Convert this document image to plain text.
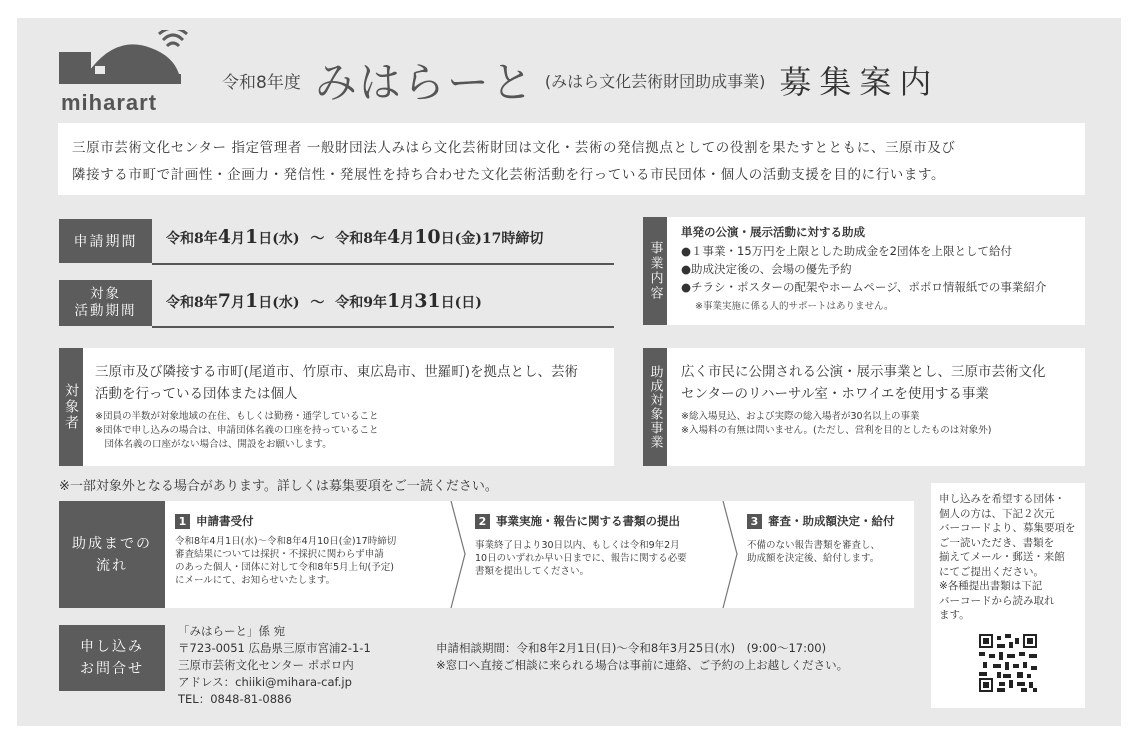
miharart
令和8年度 みはらーと (みはら文化芸術財団助成事業) 募集案内
三原市芸術文化センター 指定管理者 一般財団法人みはら文化芸術財団は文化・芸術の発信拠点としての役割を果たすとともに、三原市及び
隣接する市町で計画性・企画力・発信性・発展性を持ち合わせた文化芸術活動を行っている市民団体・個人の活動支援を目的に行います。
申請期間	令和8年4月1日(水) ～ 令和8年4月10日(金)17時締切
対象
活動期間 令和8年7月1日(水) ～ 令和9年1月31日(日)
事業内容
単発の公演・展示活動に対する助成
●１事業・15万円を上限とした助成金を2団体を上限として給付
●助成決定後の、会場の優先予約
●チラシ・ポスターの配架やホームページ、ポポロ情報紙での事業紹介
※事業実施に係る人的サポートはありません。
対象者
三原市及び隣接する市町(尾道市、竹原市、東広島市、世羅町)を拠点とし、芸術
活動を行っている団体または個人
※団員の半数が対象地域の在住、もしくは勤務・通学していること
※団体で申し込みの場合は、申請団体名義の口座を持っていること
　団体名義の口座がない場合は、開設をお願いします。	助成対象事業 広く市民に公開される公演・展示事業とし、三原市芸術文化
センターのリハーサル室・ホワイエを使用する事業
※総入場見込、および実際の総入場者が30名以上の事業
※入場料の有無は問いません。(ただし、営利を目的としたものは対象外)
※一部対象外となる場合があります。詳しくは募集要項をご一読ください。
助成までの
流れ
1 申請書受付
令和8年4月1日(水)～令和8年4月10日(金)17時締切
審査結果については採択・不採択に関わらず申請
のあった個人・団体に対して令和8年5月上旬(予定)
にメールにて、お知らせいたします。
2 事業実施・報告に関する書類の提出
事業終了日より30日以内、もしくは令和9年2月
10日のいずれか早い日までに、報告に関する必要
書類を提出してください。
3 審査・助成額決定・給付
不備のない報告書類を審査し、
助成額を決定後、給付します。
申し込み
お問合せ
「みはらーと」係 宛
〒723-0051 広島県三原市宮浦2-1-1
三原市芸術文化センター ポポロ内
アドレス：chiiki@mihara-caf.jp
TEL：0848-81-0886
申請相談期間：令和8年2月1日(日)～令和8年3月25日(水)　(9:00～17:00)
※窓口へ直接ご相談に来られる場合は事前に連絡、ご予約の上お越しください。
申し込みを希望する団体・
個人の方は、下記２次元
バーコードより、募集要項を
ご一読いただき、書類を
揃えてメール・郵送・来館
にてご提出ください。
※各種提出書類は下記
バーコードから読み取れ
ます。
